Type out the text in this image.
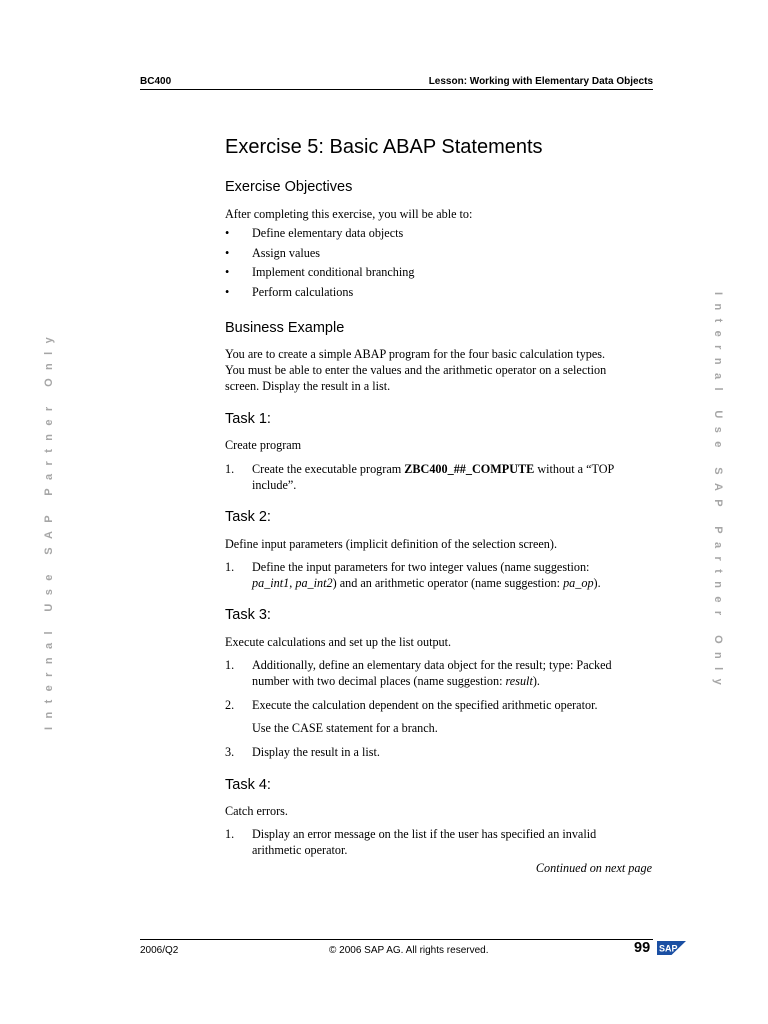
BC400	Lesson: Working with Elementary Data Objects
Internal Use SAP Partner Only	Internal Use SAP Partner Only
Exercise 5: Basic ABAP Statements
Exercise Objectives
After completing this exercise, you will be able to:
• Define elementary data objects
• Assign values
• Implement conditional branching
• Perform calculations
Business Example
You are to create a simple ABAP program for the four basic calculation types.
You must be able to enter the values and the arithmetic operator on a selection
screen. Display the result in a list.
Task 1:
Create program
1. Create the executable program ZBC400_##_COMPUTE without a “TOP
include”.
Task 2:
Define input parameters (implicit definition of the selection screen).
1. Define the input parameters for two integer values (name suggestion:
pa_int1, pa_int2) and an arithmetic operator (name suggestion: pa_op).
Task 3:
Execute calculations and set up the list output.
1. Additionally, define an elementary data object for the result; type: Packed
number with two decimal places (name suggestion: result).
2. Execute the calculation dependent on the specified arithmetic operator.
Use the CASE statement for a branch.
3. Display the result in a list.
Task 4:
Catch errors.
1. Display an error message on the list if the user has specified an invalid
arithmetic operator.
Continued on next page
2006/Q2	© 2006 SAP AG. All rights reserved.	99 SAP
